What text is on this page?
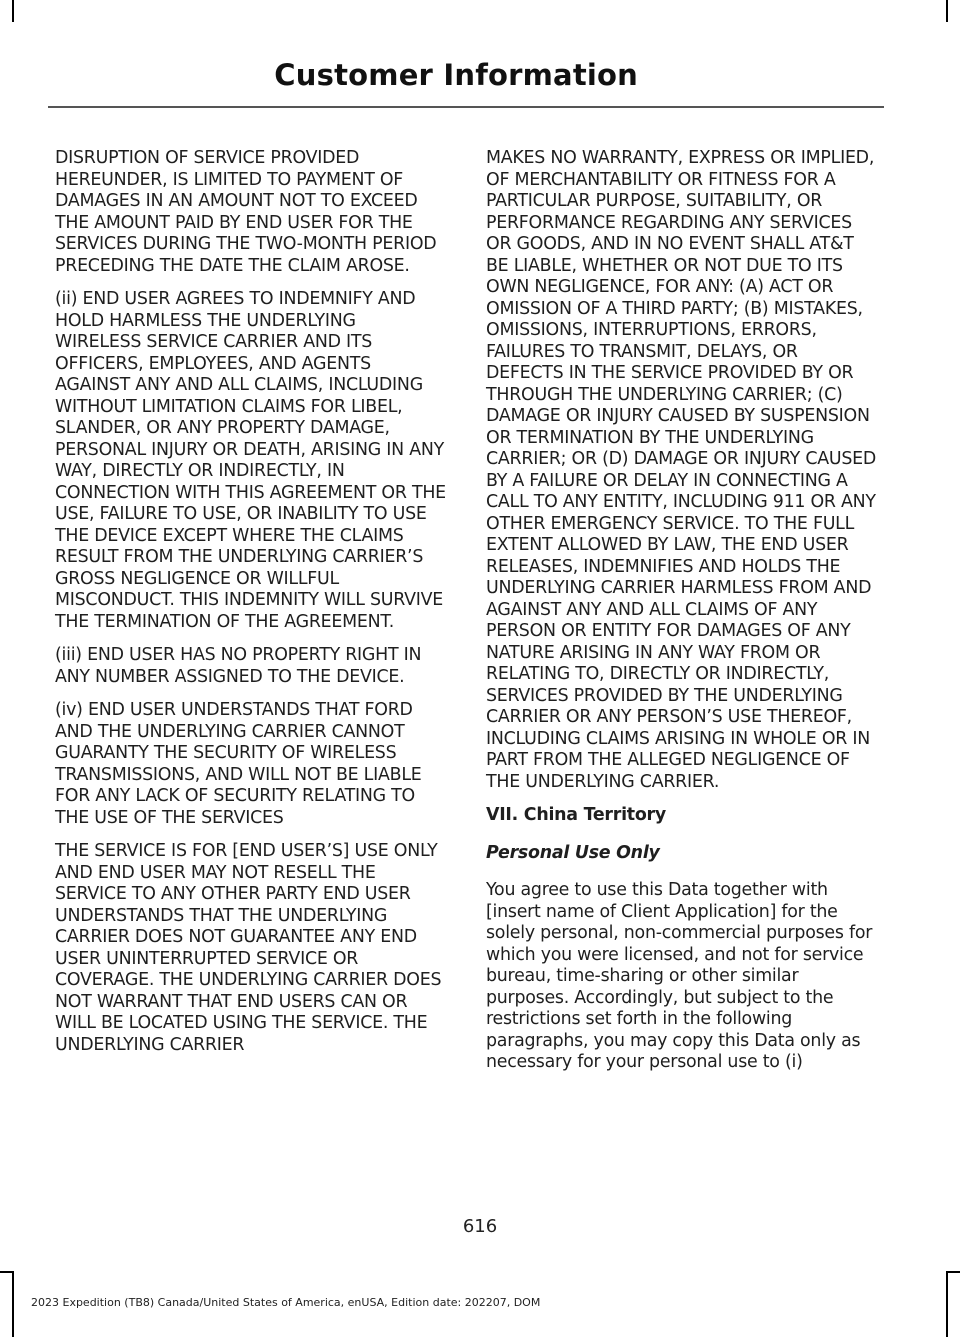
Customer Information

DISRUPTION OF SERVICE PROVIDED HEREUNDER, IS LIMITED TO PAYMENT OF DAMAGES IN AN AMOUNT NOT TO EXCEED THE AMOUNT PAID BY END USER FOR THE SERVICES DURING THE TWO-MONTH PERIOD PRECEDING THE DATE THE CLAIM AROSE.

(ii) END USER AGREES TO INDEMNIFY AND HOLD HARMLESS THE UNDERLYING WIRELESS SERVICE CARRIER AND ITS OFFICERS, EMPLOYEES, AND AGENTS AGAINST ANY AND ALL CLAIMS, INCLUDING WITHOUT LIMITATION CLAIMS FOR LIBEL, SLANDER, OR ANY PROPERTY DAMAGE, PERSONAL INJURY OR DEATH, ARISING IN ANY WAY, DIRECTLY OR INDIRECTLY, IN CONNECTION WITH THIS AGREEMENT OR THE USE, FAILURE TO USE, OR INABILITY TO USE THE DEVICE EXCEPT WHERE THE CLAIMS RESULT FROM THE UNDERLYING CARRIER’S GROSS NEGLIGENCE OR WILLFUL MISCONDUCT. THIS INDEMNITY WILL SURVIVE THE TERMINATION OF THE AGREEMENT.

(iii) END USER HAS NO PROPERTY RIGHT IN ANY NUMBER ASSIGNED TO THE DEVICE.

(iv) END USER UNDERSTANDS THAT FORD AND THE UNDERLYING CARRIER CANNOT GUARANTY THE SECURITY OF WIRELESS TRANSMISSIONS, AND WILL NOT BE LIABLE FOR ANY LACK OF SECURITY RELATING TO THE USE OF THE SERVICES

THE SERVICE IS FOR [END USER’S] USE ONLY AND END USER MAY NOT RESELL THE SERVICE TO ANY OTHER PARTY END USER UNDERSTANDS THAT THE UNDERLYING CARRIER DOES NOT GUARANTEE ANY END USER UNINTERRUPTED SERVICE OR COVERAGE. THE UNDERLYING CARRIER DOES NOT WARRANT THAT END USERS CAN OR WILL BE LOCATED USING THE SERVICE. THE UNDERLYING CARRIER

MAKES NO WARRANTY, EXPRESS OR IMPLIED, OF MERCHANTABILITY OR FITNESS FOR A PARTICULAR PURPOSE, SUITABILITY, OR PERFORMANCE REGARDING ANY SERVICES OR GOODS, AND IN NO EVENT SHALL AT&T BE LIABLE, WHETHER OR NOT DUE TO ITS OWN NEGLIGENCE, FOR ANY: (A) ACT OR OMISSION OF A THIRD PARTY; (B) MISTAKES, OMISSIONS, INTERRUPTIONS, ERRORS, FAILURES TO TRANSMIT, DELAYS, OR DEFECTS IN THE SERVICE PROVIDED BY OR THROUGH THE UNDERLYING CARRIER; (C) DAMAGE OR INJURY CAUSED BY SUSPENSION OR TERMINATION BY THE UNDERLYING CARRIER; OR (D) DAMAGE OR INJURY CAUSED BY A FAILURE OR DELAY IN CONNECTING A CALL TO ANY ENTITY, INCLUDING 911 OR ANY OTHER EMERGENCY SERVICE. TO THE FULL EXTENT ALLOWED BY LAW, THE END USER RELEASES, INDEMNIFIES AND HOLDS THE UNDERLYING CARRIER HARMLESS FROM AND AGAINST ANY AND ALL CLAIMS OF ANY PERSON OR ENTITY FOR DAMAGES OF ANY NATURE ARISING IN ANY WAY FROM OR RELATING TO, DIRECTLY OR INDIRECTLY, SERVICES PROVIDED BY THE UNDERLYING CARRIER OR ANY PERSON’S USE THEREOF, INCLUDING CLAIMS ARISING IN WHOLE OR IN PART FROM THE ALLEGED NEGLIGENCE OF THE UNDERLYING CARRIER.

VII. China Territory
Personal Use Only

You agree to use this Data together with [insert name of Client Application] for the solely personal, non-commercial purposes for which you were licensed, and not for service bureau, time-sharing or other similar purposes. Accordingly, but subject to the restrictions set forth in the following paragraphs, you may copy this Data only as necessary for your personal use to (i)

616
2023 Expedition (TB8) Canada/United States of America, enUSA, Edition date: 202207, DOM
